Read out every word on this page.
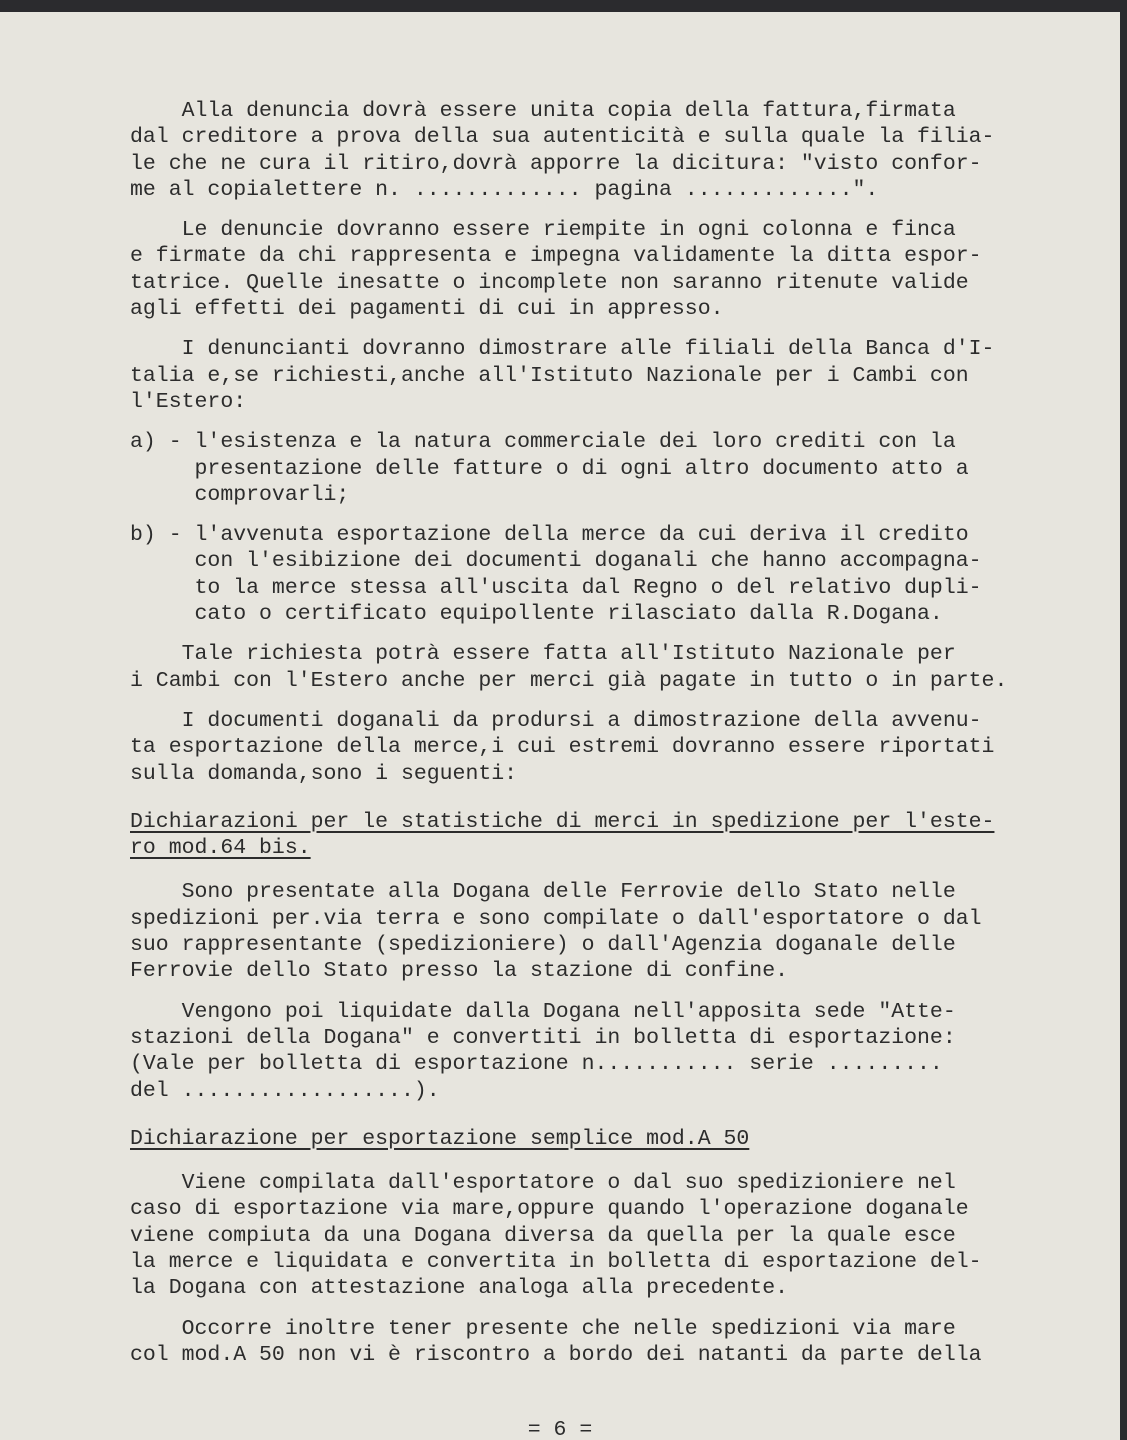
Alla denuncia dovrà essere unita copia della fattura,firmata
dal creditore a prova della sua autenticità e sulla quale la filia-
le che ne cura il ritiro,dovrà apporre la dicitura: "visto confor-
me al copialettere n. ............. pagina .............".

Le denuncie dovranno essere riempite in ogni colonna e finca
e firmate da chi rappresenta e impegna validamente la ditta espor-
tatrice. Quelle inesatte o incomplete non saranno ritenute valide
agli effetti dei pagamenti di cui in appresso.

I denuncianti dovranno dimostrare alle filiali della Banca d'I-
talia e,se richiesti,anche all'Istituto Nazionale per i Cambi con
l'Estero:

a) - l'esistenza e la natura commerciale dei loro crediti con la
presentazione delle fatture o di ogni altro documento atto a
comprovarli;
b) - l'avvenuta esportazione della merce da cui deriva il credito
con l'esibizione dei documenti doganali che hanno accompagna-
to la merce stessa all'uscita dal Regno o del relativo dupli-
cato o certificato equipollente rilasciato dalla R.Dogana.

Tale richiesta potrà essere fatta all'Istituto Nazionale per
i Cambi con l'Estero anche per merci già pagate in tutto o in parte.

I documenti doganali da prodursi a dimostrazione della avvenu-
ta esportazione della merce,i cui estremi dovranno essere riportati
sulla domanda,sono i seguenti:

Dichiarazioni per le statistiche di merci in spedizione per l'este-
ro mod.64 bis.

Sono presentate alla Dogana delle Ferrovie dello Stato nelle
spedizioni per.via terra e sono compilate o dall'esportatore o dal
suo rappresentante (spedizioniere) o dall'Agenzia doganale delle
Ferrovie dello Stato presso la stazione di confine.

Vengono poi liquidate dalla Dogana nell'apposita sede "Atte-
stazioni della Dogana" e convertiti in bolletta di esportazione:
(Vale per bolletta di esportazione n........... serie .........
del ..................).

Dichiarazione per esportazione semplice mod.A 50

Viene compilata dall'esportatore o dal suo spedizioniere nel
caso di esportazione via mare,oppure quando l'operazione doganale
viene compiuta da una Dogana diversa da quella per la quale esce
la merce e liquidata e convertita in bolletta di esportazione del-
la Dogana con attestazione analoga alla precedente.

Occorre inoltre tener presente che nelle spedizioni via mare
col mod.A 50 non vi è riscontro a bordo dei natanti da parte della

= 6 =
